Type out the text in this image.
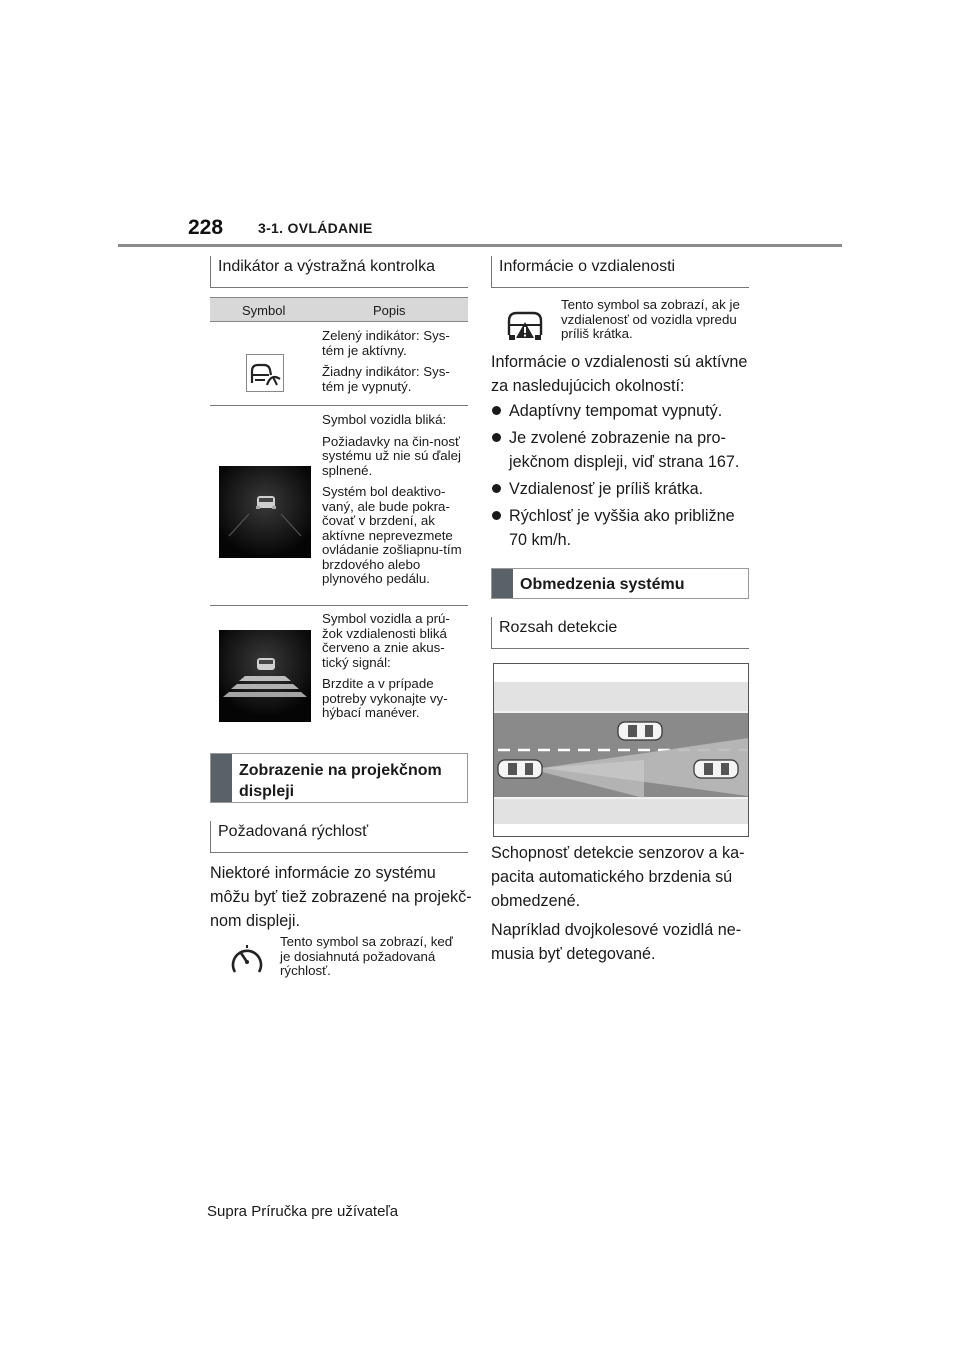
228 3-1. OVLÁDANIE
Indikátor a výstražná kontrolka
Symbol	Popis

Zelený indikátor: Sys-tém je aktívny.

Žiadny indikátor: Sys-tém je vypnutý.

Symbol vozidla bliká:

Požiadavky na čin-nosť systému už nie sú ďalej splnené.

Systém bol deaktivo-vaný, ale bude pokra-čovať v brzdení, ak aktívne neprevezmete ovládanie zošliapnu-tím brzdového alebo plynového pedálu.

Symbol vozidla a prú-žok vzdialenosti bliká červeno a znie akus-tický signál:

Brzdite a v prípade potreby vykonajte vy-hýbací manéver.

Zobrazenie na projekčnom displeji
Požadovaná rýchlosť
Niektoré informácie zo systému môžu byť tiež zobrazené na projekč-nom displeji.
Tento symbol sa zobrazí, keď je dosiahnutá požadovaná rýchlosť.
Informácie o vzdialenosti
Tento symbol sa zobrazí, ak je vzdialenosť od vozidla vpredu príliš krátka.
Informácie o vzdialenosti sú aktívne za nasledujúcich okolností:
Adaptívny tempomat vypnutý.
Je zvolené zobrazenie na pro-jekčnom displeji, viď strana 167.
Vzdialenosť je príliš krátka.
Rýchlosť je vyššia ako približne 70 km/h.
Obmedzenia systému
Rozsah detekcie

Schopnosť detekcie senzorov a ka-pacita automatického brzdenia sú obmedzené.

Napríklad dvojkolesové vozidlá ne-musia byť detegované.

Supra Príručka pre užívateľa
